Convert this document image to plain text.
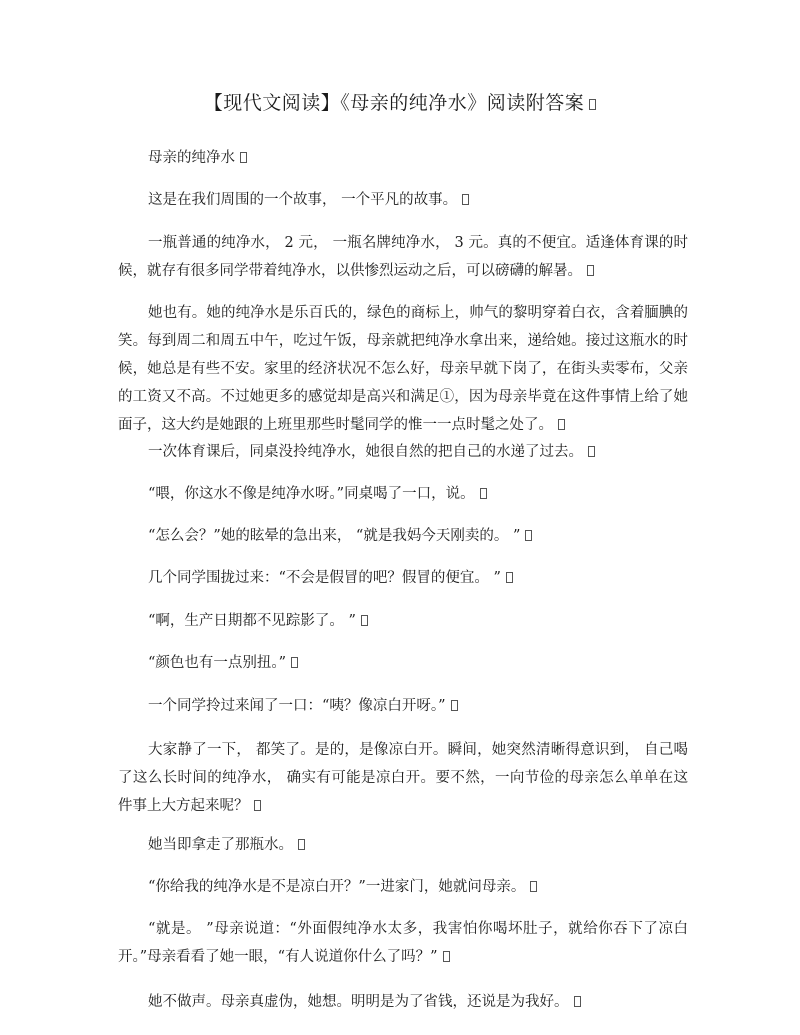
【现代文阅读】《母亲的纯净水》阅读附答案
母亲的纯净水
这是在我们周围的一个故事， 一个平凡的故事。
一瓶普通的纯净水， 2 元， 一瓶名牌纯净水， 3 元。真的不便宜。适逢体育课的时候，就存有很多同学带着纯净水，以供惨烈运动之后，可以磅礴的解暑。
她也有。她的纯净水是乐百氏的，绿色的商标上，帅气的黎明穿着白衣，含着腼腆的笑。每到周二和周五中午，吃过午饭，母亲就把纯净水拿出来，递给她。接过这瓶水的时候，她总是有些不安。家里的经济状况不怎么好，母亲早就下岗了，在街头卖零布，父亲的工资又不高。不过她更多的感觉却是高兴和满足①，因为母亲毕竟在这件事情上给了她面子，这大约是她跟的上班里那些时髦同学的惟一一点时髦之处了。
一次体育课后，同桌没拎纯净水，她很自然的把自己的水递了过去。
“喂，你这水不像是纯净水呀。”同桌喝了一口，说。
“怎么会？”她的眩晕的急出来， “就是我妈今天刚卖的。 ”
几个同学围拢过来：“不会是假冒的吧？假冒的便宜。 ”
“啊，生产日期都不见踪影了。 ”
“颜色也有一点别扭。”
一个同学拎过来闻了一口：“咦？像凉白开呀。”
大家静了一下， 都笑了。是的，是像凉白开。瞬间，她突然清晰得意识到， 自己喝了这么长时间的纯净水， 确实有可能是凉白开。要不然，一向节俭的母亲怎么单单在这件事上大方起来呢？
她当即拿走了那瓶水。
“你给我的纯净水是不是凉白开？”一进家门，她就问母亲。
“就是。 ”母亲说道：“外面假纯净水太多，我害怕你喝坏肚子，就给你吞下了凉白开。”母亲看看了她一眼，“有人说道你什么了吗？”
她不做声。母亲真虚伪，她想。明明是为了省钱，还说是为我好。
